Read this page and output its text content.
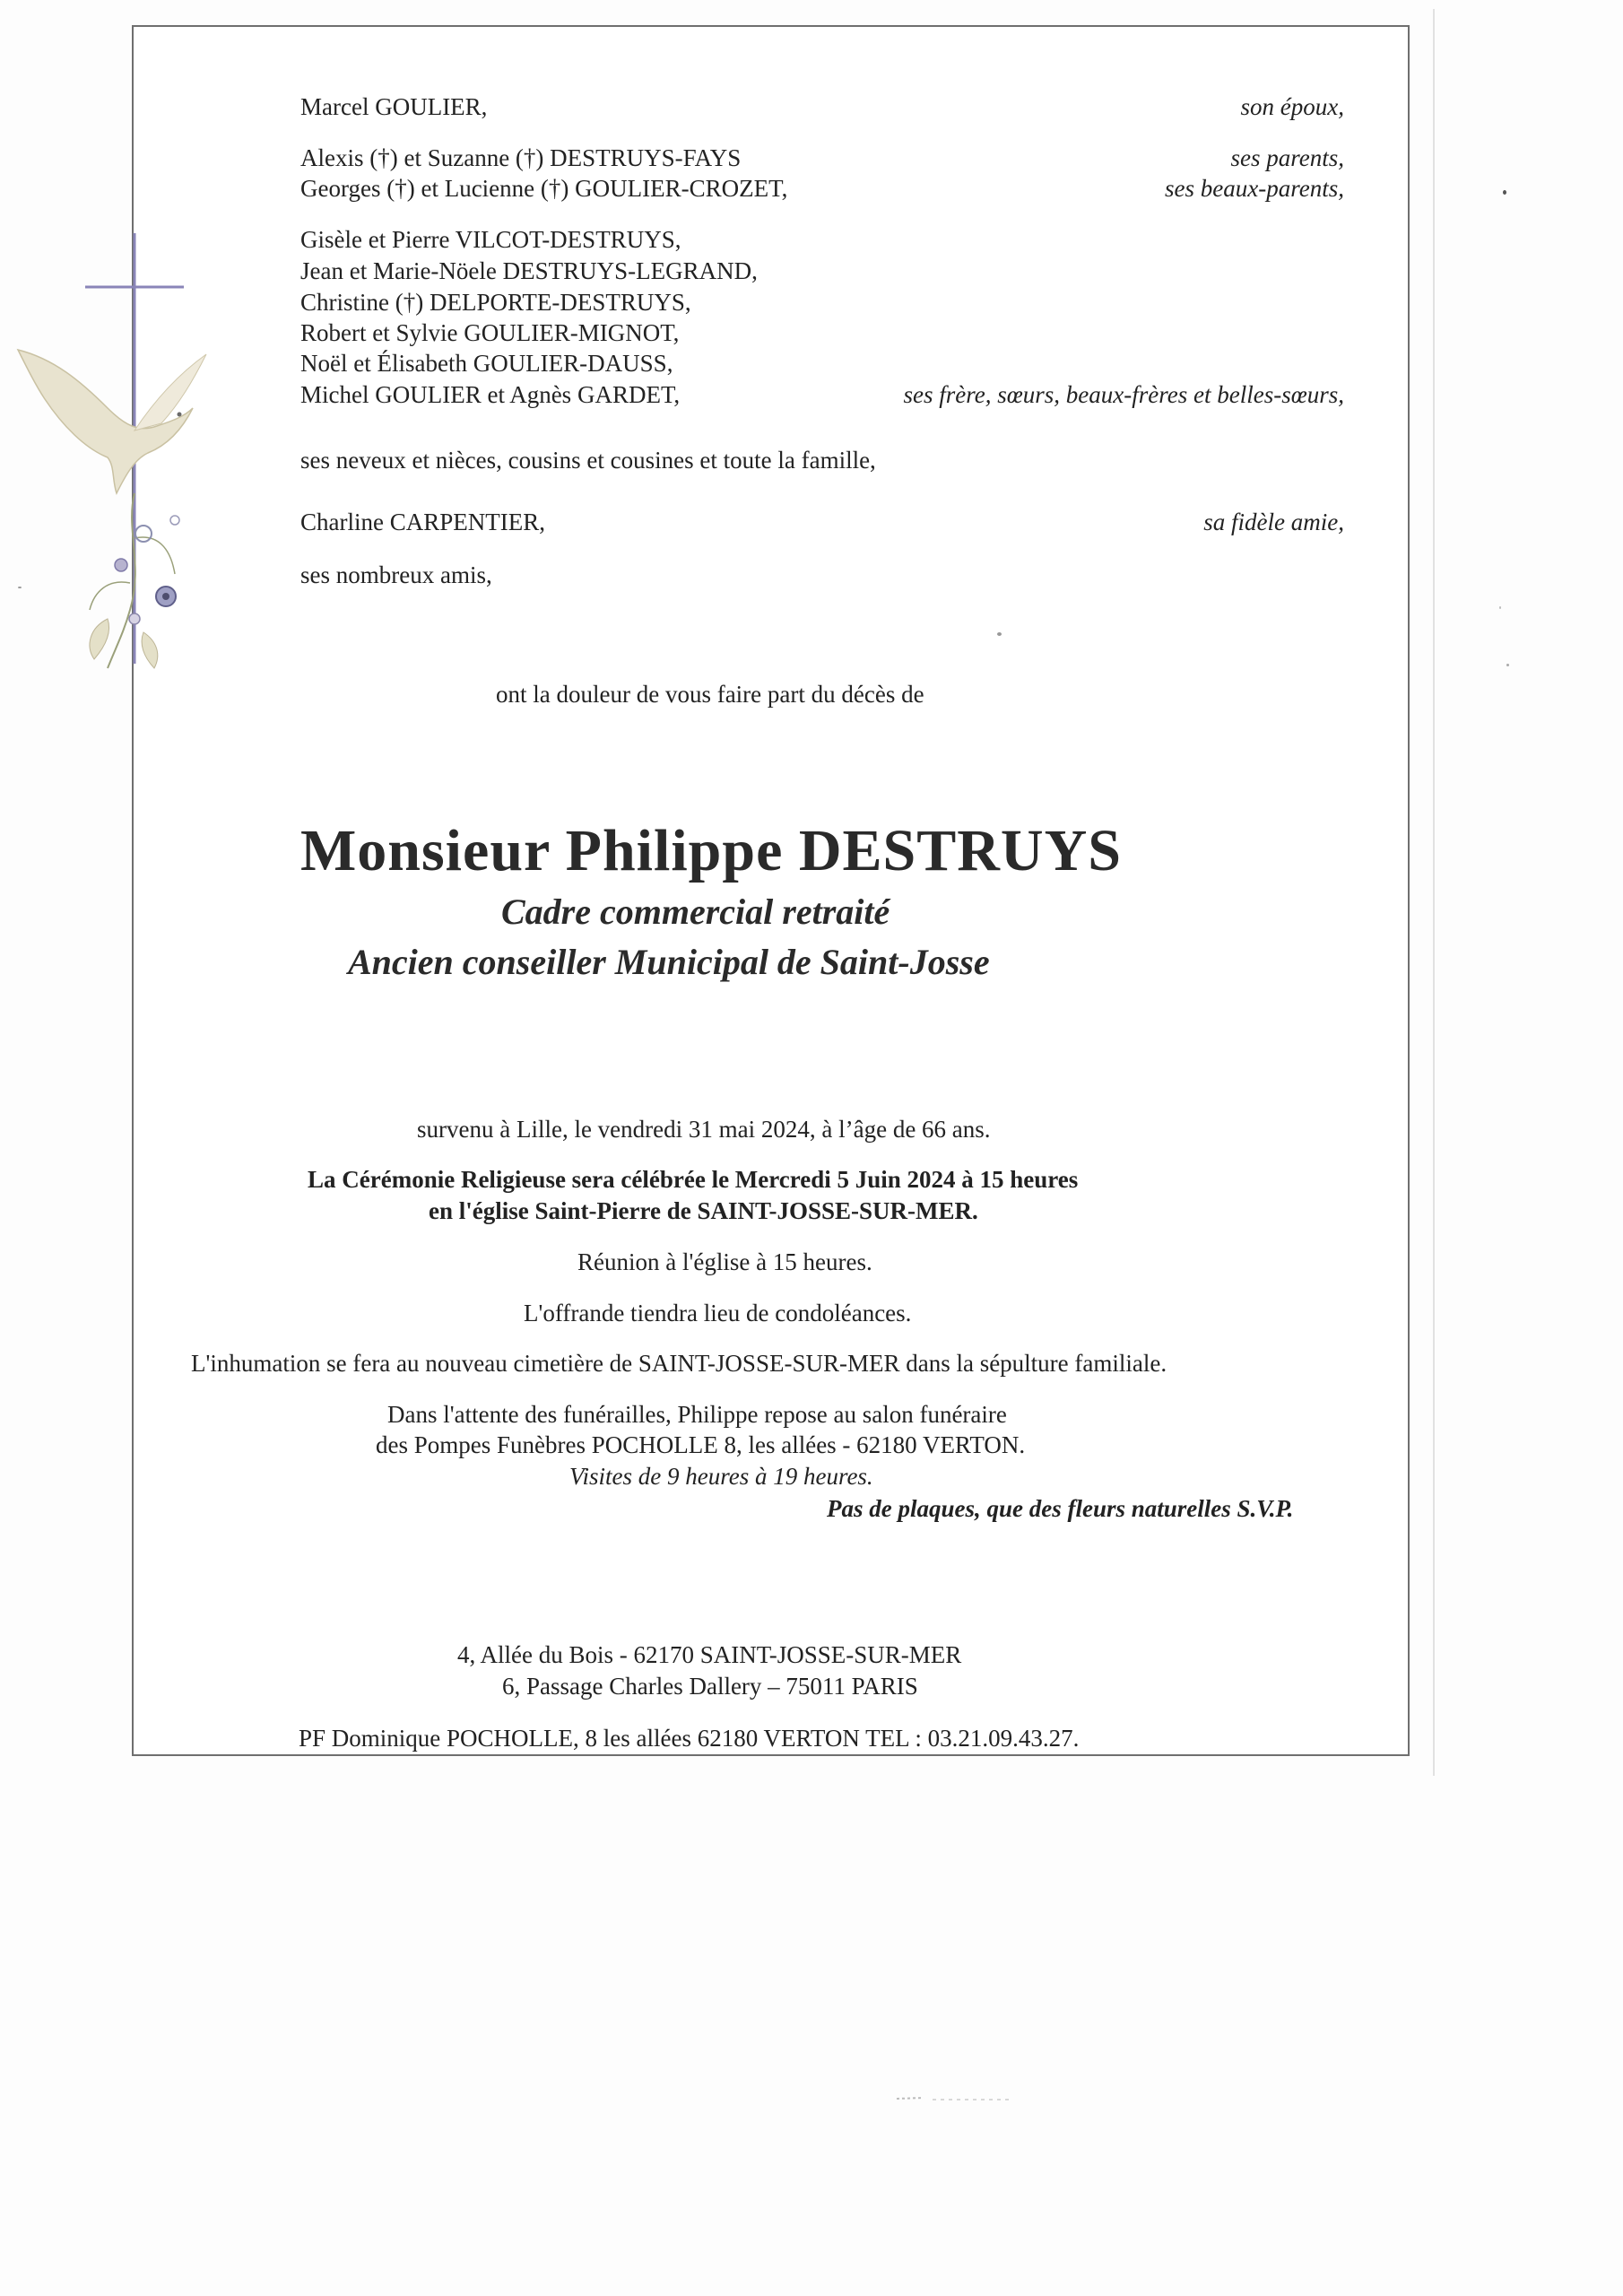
Marcel GOULIER,	son époux,
Alexis (†) et Suzanne (†) DESTRUYS-FAYS	ses parents,
Georges (†) et Lucienne (†) GOULIER-CROZET,	ses beaux-parents,
Gisèle et Pierre VILCOT-DESTRUYS,
Jean et Marie-Nöele DESTRUYS-LEGRAND,
Christine (†) DELPORTE-DESTRUYS,
Robert et Sylvie GOULIER-MIGNOT,
Noël et Élisabeth GOULIER-DAUSS,
Michel GOULIER et Agnès GARDET,	ses frère, sœurs, beaux-frères et belles-sœurs,
ses neveux et nièces, cousins et cousines et toute la famille,
Charline CARPENTIER,	sa fidèle amie,
ses nombreux amis,
ont la douleur de vous faire part du décès de
Monsieur Philippe DESTRUYS
Cadre commercial retraité
Ancien conseiller Municipal de Saint-Josse
survenu à Lille, le vendredi 31 mai 2024, à l’âge de 66 ans.
La Cérémonie Religieuse sera célébrée le Mercredi 5 Juin 2024 à 15 heures
en l'église Saint-Pierre de SAINT-JOSSE-SUR-MER.
Réunion à l'église à 15 heures.
L'offrande tiendra lieu de condoléances.
L'inhumation se fera au nouveau cimetière de SAINT-JOSSE-SUR-MER dans la sépulture familiale.
Dans l'attente des funérailles, Philippe repose au salon funéraire
des Pompes Funèbres POCHOLLE 8, les allées - 62180 VERTON.
Visites de 9 heures à 19 heures.
Pas de plaques, que des fleurs naturelles S.V.P.
4, Allée du Bois - 62170 SAINT-JOSSE-SUR-MER
6, Passage Charles Dallery – 75011 PARIS
PF Dominique POCHOLLE, 8 les allées 62180 VERTON TEL : 03.21.09.43.27.
